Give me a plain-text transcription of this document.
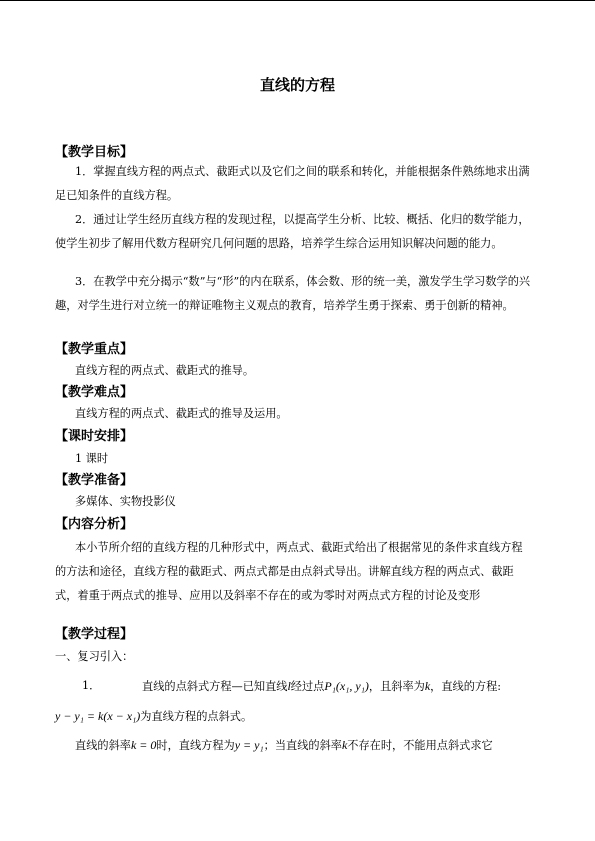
直线的方程
【教学目标】
1．掌握直线方程的两点式、截距式以及它们之间的联系和转化，并能根据条件熟练地求出满足已知条件的直线方程。
2．通过让学生经历直线方程的发现过程，以提高学生分析、比较、概括、化归的数学能力，使学生初步了解用代数方程研究几何问题的思路，培养学生综合运用知识解决问题的能力。
3．在教学中充分揭示“数”与“形”的内在联系，体会数、形的统一美，激发学生学习数学的兴趣，对学生进行对立统一的辩证唯物主义观点的教育，培养学生勇于探索、勇于创新的精神。
【教学重点】
直线方程的两点式、截距式的推导。
【教学难点】
直线方程的两点式、截距式的推导及运用。
【课时安排】
1 课时
【教学准备】
多媒体、实物投影仪
【内容分析】
本小节所介绍的直线方程的几种形式中，两点式、截距式给出了根据常见的条件求直线方程的方法和途径，直线方程的截距式、两点式都是由点斜式导出。讲解直线方程的两点式、截距式，着重于两点式的推导、应用以及斜率不存在的或为零时对两点式方程的讨论及变形
【教学过程】
一、复习引入：
1．	直线的点斜式方程—已知直线l经过点P₁(x₁, y₁)，且斜率为k，直线的方程:
y − y₁ = k(x − x₁)为直线方程的点斜式。
直线的斜率k = 0时，直线方程为y = y₁；当直线的斜率k不存在时，不能用点斜式求它
